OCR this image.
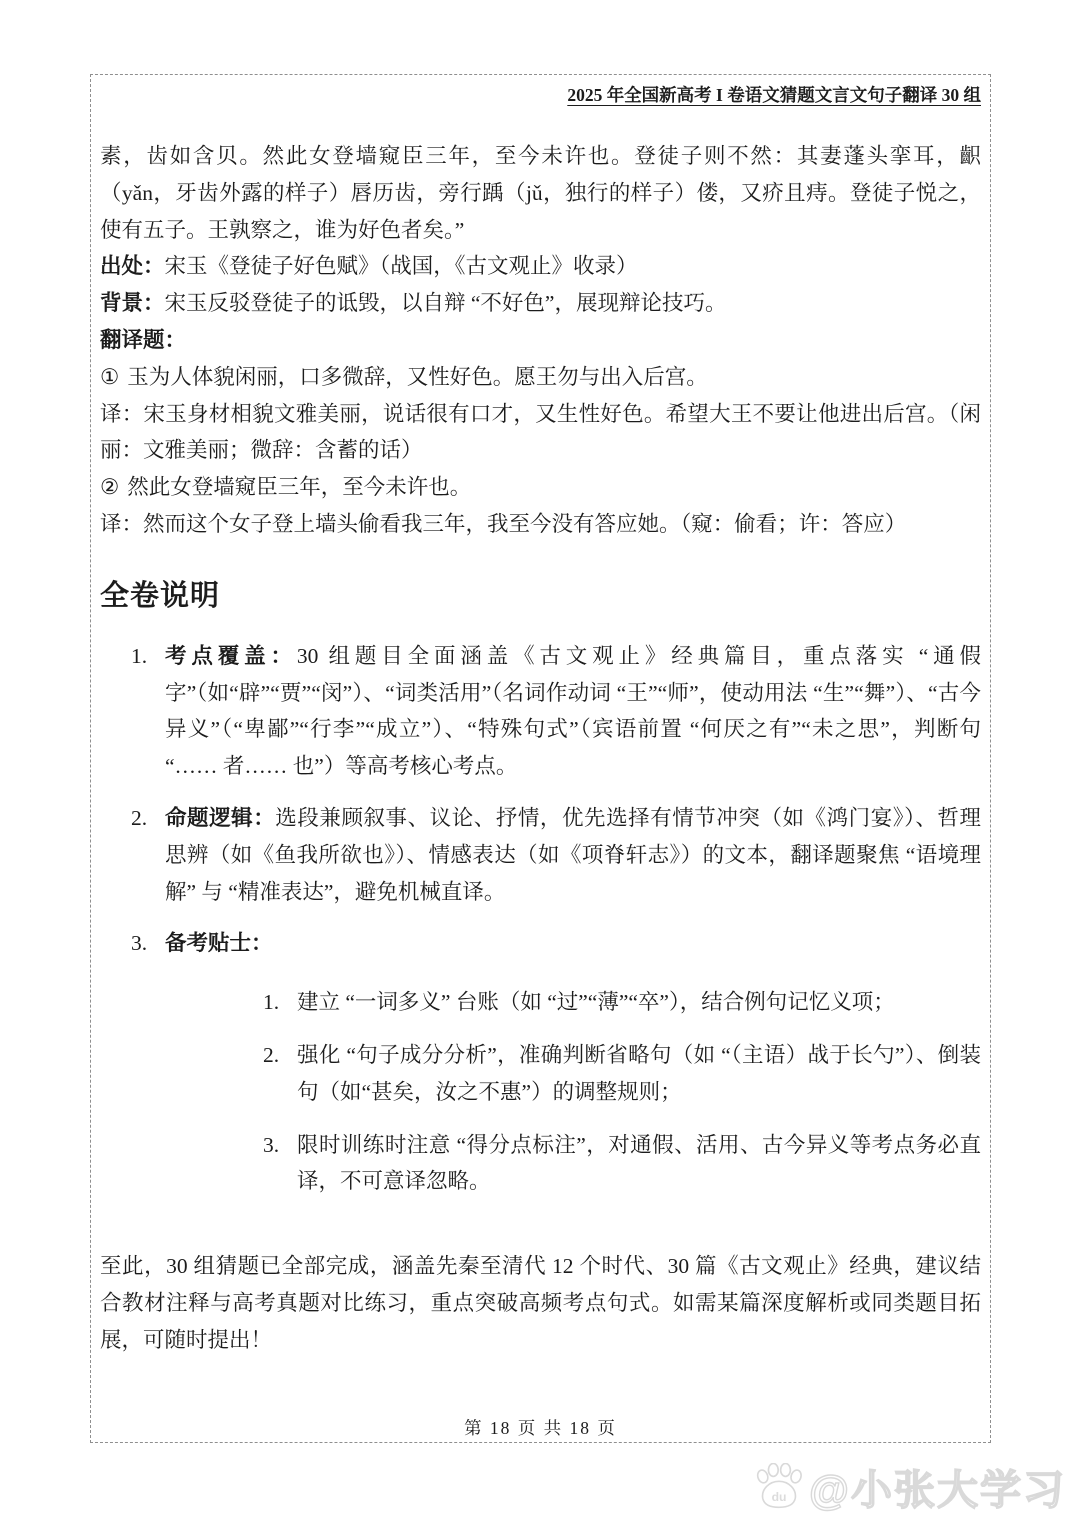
2025 年全国新高考 I 卷语文猜题文言文句子翻译 30 组

素，齿如含贝。然此女登墙窥臣三年，至今未许也。登徒子则不然：其妻蓬头挛耳，齞（yǎn，牙齿外露的样子）唇历齿，旁行踽（jǔ，独行的样子）偻，又疥且痔。登徒子悦之，使有五子。王孰察之，谁为好色者矣。”

出处：宋玉《登徒子好色赋》（战国，《古文观止》收录）

背景：宋玉反驳登徒子的诋毁，以自辩 “不好色”，展现辩论技巧。

翻译题：

① 玉为人体貌闲丽，口多微辞，又性好色。愿王勿与出入后宫。

译：宋玉身材相貌文雅美丽，说话很有口才，又生性好色。希望大王不要让他进出后宫。（闲丽：文雅美丽；微辞：含蓄的话）

② 然此女登墙窥臣三年，至今未许也。

译：然而这个女子登上墙头偷看我三年，我至今没有答应她。（窥：偷看；许：答应）

全卷说明
1. 考点覆盖：30 组题目全面涵盖《古文观止》经典篇目，重点落实 “通假字”（如“辟”“贾”“闵”）、“词类活用”（名词作动词 “王”“师”，使动用法 “生”“舞”）、“古今异义”（“卑鄙”“行李”“成立”）、“特殊句式”（宾语前置 “何厌之有”“未之思”，判断句 “…… 者…… 也”）等高考核心考点。
2. 命题逻辑：选段兼顾叙事、议论、抒情，优先选择有情节冲突（如《鸿门宴》）、哲理思辨（如《鱼我所欲也》）、情感表达（如《项脊轩志》）的文本，翻译题聚焦 “语境理解” 与 “精准表达”，避免机械直译。
3. 备考贴士：
1. 建立 “一词多义” 台账（如 “过”“薄”“卒”），结合例句记忆义项；
2. 强化 “句子成分分析”，准确判断省略句（如 “（主语）战于长勺”）、倒装句（如“甚矣，汝之不惠”）的调整规则；
3. 限时训练时注意 “得分点标注”，对通假、活用、古今异义等考点务必直译，不可意译忽略。

至此，30 组猜题已全部完成，涵盖先秦至清代 12 个时代、30 篇《古文观止》经典，建议结合教材注释与高考真题对比练习，重点突破高频考点句式。如需某篇深度解析或同类题目拓展，可随时提出！

第 18 页 共 18 页
du @小张大学习
